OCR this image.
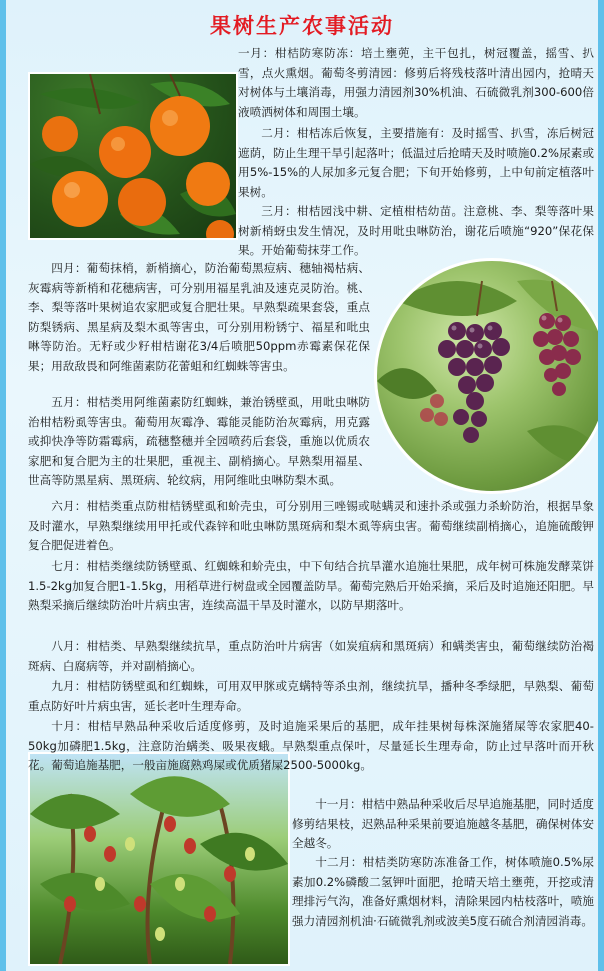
果树生产农事活动

一月：柑桔防寒防冻：培土壅蔸，主干包扎，树冠覆盖，摇雪、扒雪，点火熏烟。葡萄冬剪清园：修剪后将残枝落叶清出园内，抢晴天对树体与土壤消毒，用强力清园剂30%机油、石硫微乳剂300-600倍液喷洒树体和周围土壤。

二月：柑桔冻后恢复，主要措施有：及时摇雪、扒雪，冻后树冠遮荫，防止生理干旱引起落叶；低温过后抢晴天及时喷施0.2%尿素或用5%-15%的人尿加多元复合肥；下旬开始修剪，上中旬前定植落叶果树。

三月：柑桔园浅中耕、定植柑桔幼苗。注意桃、李、梨等落叶果树新梢蚜虫发生情况，及时用吡虫啉防治，谢花后喷施“920”保花保果。开始葡萄抹芽工作。

四月：葡萄抹梢，新梢摘心，防治葡萄黑痘病、穗轴褐枯病、灰霉病等新梢和花穗病害，可分别用福星乳油及速克灵防治。桃、李、梨等落叶果树追农家肥或复合肥壮果。早熟梨疏果套袋，重点防梨锈病、黑星病及梨木虱等害虫，可分别用粉锈宁、福星和吡虫啉等防治。无籽或少籽柑桔谢花3/4后喷肥50ppm赤霉素保花保果；用敌敌畏和阿维菌素防花蕾蛆和红蜘蛛等害虫。

五月：柑桔类用阿维菌素防红蜘蛛，兼治锈壁虱，用吡虫啉防治柑桔粉虱等害虫。葡萄用灰霉净、霉能灵能防治灰霉病，用克露或抑快净等防霜霉病，疏穗整穗并全园喷药后套袋，重施以优质农家肥和复合肥为主的壮果肥，重视主、副梢摘心。早熟梨用福星、世高等防黑星病、黑斑病、轮纹病，用阿维吡虫啉防梨木虱。

六月：柑桔类重点防柑桔锈壁虱和蚧壳虫，可分别用三唑锡或哒螨灵和速扑杀或强力杀蚧防治，根据旱象及时灌水，早熟梨继续用甲托或代森锌和吡虫啉防黑斑病和梨木虱等病虫害。葡萄继续副梢摘心，追施硫酸钾复合肥促进着色。

七月：柑桔类继续防锈壁虱、红蜘蛛和蚧壳虫，中下旬结合抗旱灌水追施壮果肥，成年树可株施发酵菜饼1.5-2kg加复合肥1-1.5kg，用稻草进行树盘或全园覆盖防旱。葡萄完熟后开始采摘，采后及时追施还阳肥。早熟梨采摘后继续防治叶片病虫害，连续高温干旱及时灌水，以防早期落叶。

八月：柑桔类、早熟梨继续抗旱，重点防治叶片病害（如炭疽病和黑斑病）和螨类害虫，葡萄继续防治褐斑病、白腐病等，并对副梢摘心。

九月：柑桔防锈壁虱和红蜘蛛，可用双甲脒或克螨特等杀虫剂，继续抗旱，播种冬季绿肥，早熟梨、葡萄重点防好叶片病虫害，延长老叶生理寿命。

十月：柑桔早熟品种采收后适度修剪，及时追施采果后的基肥，成年挂果树每株深施猪屎等农家肥40-50kg加磷肥1.5kg，注意防治螨类、吸果夜蛾。早熟梨重点保叶，尽量延长生理寿命，防止过早落叶而开秋花。葡萄追施基肥，一般亩施腐熟鸡屎或优质猪屎2500-5000kg。

十一月：柑桔中熟品种采收后尽早追施基肥，同时适度修剪结果枝，迟熟品种采果前要追施越冬基肥，确保树体安全越冬。

十二月：柑桔类防寒防冻准备工作，树体喷施0.5%尿素加0.2%磷酸二氢钾叶面肥，抢晴天培土壅蔸，开挖或清理排污气沟，准备好熏烟材料，清除果园内枯枝落叶，喷施强力清园剂机油·石硫微乳剂或波美5度石硫合剂清园消毒。
